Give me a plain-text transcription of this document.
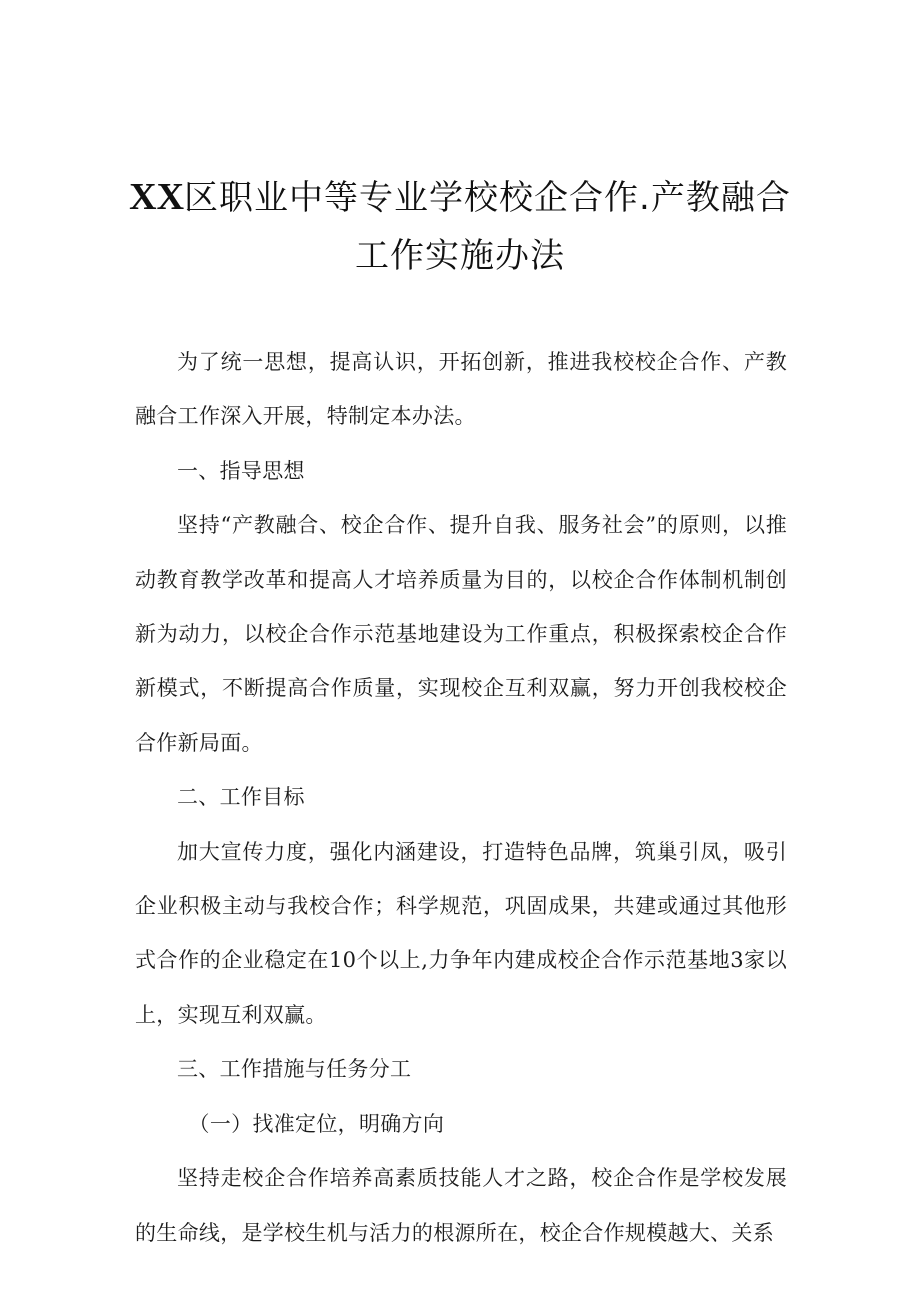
XX区职业中等专业学校校企合作.产教融合
工作实施办法

为了统一思想，提高认识，开拓创新，推进我校校企合作、产教融合工作深入开展，特制定本办法。

一、指导思想

坚持“产教融合、校企合作、提升自我、服务社会”的原则，以推动教育教学改革和提高人才培养质量为目的，以校企合作体制机制创新为动力，以校企合作示范基地建设为工作重点，积极探索校企合作新模式，不断提高合作质量，实现校企互利双赢，努力开创我校校企合作新局面。

二、工作目标

加大宣传力度，强化内涵建设，打造特色品牌，筑巢引凤，吸引企业积极主动与我校合作；科学规范，巩固成果，共建或通过其他形式合作的企业稳定在10个以上,力争年内建成校企合作示范基地3家以上，实现互利双赢。

三、工作措施与任务分工

（一）找准定位，明确方向

坚持走校企合作培养高素质技能人才之路，校企合作是学校发展的生命线，是学校生机与活力的根源所在，校企合作规模越大、关系
